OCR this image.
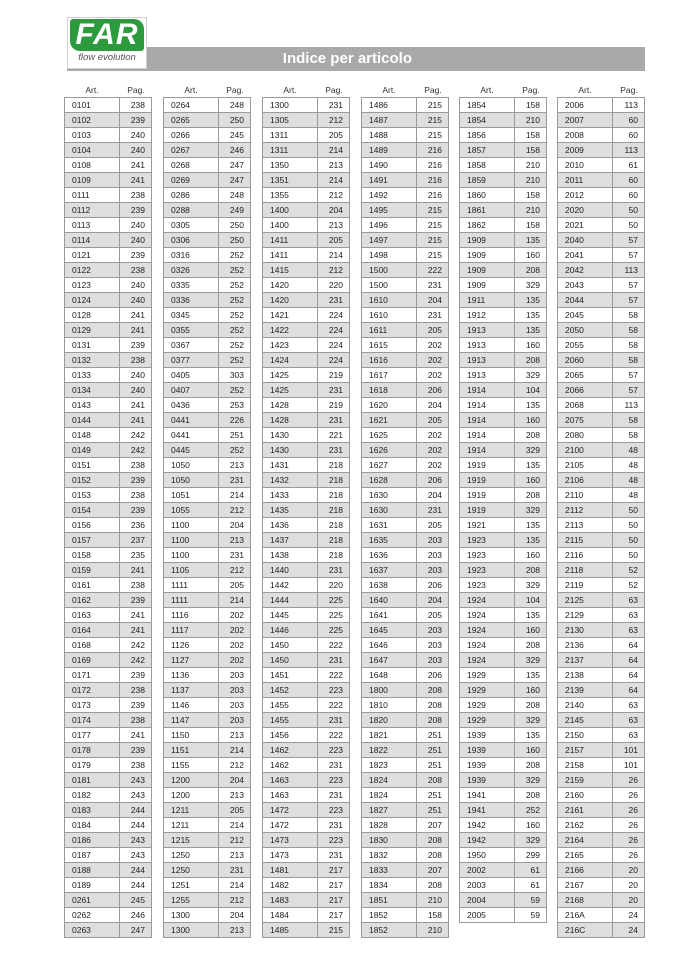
Indice per articolo
FAR
flow evolution
Art.	Pag.
0101	238
0102	239
0103	240
0104	240
0108	241
0109	241
0111	238
0112	239
0113	240
0114	240
0121	239
0122	238
0123	240
0124	240
0128	241
0129	241
0131	239
0132	238
0133	240
0134	240
0143	241
0144	241
0148	242
0149	242
0151	238
0152	239
0153	238
0154	239
0156	236
0157	237
0158	235
0159	241
0161	238
0162	239
0163	241
0164	241
0168	242
0169	242
0171	239
0172	238
0173	239
0174	238
0177	241
0178	239
0179	238
0181	243
0182	243
0183	244
0184	244
0186	243
0187	243
0188	244
0189	244
0261	245
0262	246
0263	247
Art.	Pag.
0264	248
0265	250
0266	245
0267	246
0268	247
0269	247
0286	248
0288	249
0305	250
0306	250
0316	252
0326	252
0335	252
0336	252
0345	252
0355	252
0367	252
0377	252
0405	303
0407	252
0436	253
0441	226
0441	251
0445	252
1050	213
1050	231
1051	214
1055	212
1100	204
1100	213
1100	231
1105	212
1111	205
1111	214
1116	202
1117	202
1126	202
1127	202
1136	203
1137	203
1146	203
1147	203
1150	213
1151	214
1155	212
1200	204
1200	213
1211	205
1211	214
1215	212
1250	213
1250	231
1251	214
1255	212
1300	204
1300	213
Art.	Pag.
1300	231
1305	212
1311	205
1311	214
1350	213
1351	214
1355	212
1400	204
1400	213
1411	205
1411	214
1415	212
1420	220
1420	231
1421	224
1422	224
1423	224
1424	224
1425	219
1425	231
1428	219
1428	231
1430	221
1430	231
1431	218
1432	218
1433	218
1435	218
1436	218
1437	218
1438	218
1440	231
1442	220
1444	225
1445	225
1446	225
1450	222
1450	231
1451	222
1452	223
1455	222
1455	231
1456	222
1462	223
1462	231
1463	223
1463	231
1472	223
1472	231
1473	223
1473	231
1481	217
1482	217
1483	217
1484	217
1485	215
Art.	Pag.
1486	215
1487	215
1488	215
1489	216
1490	216
1491	216
1492	216
1495	215
1496	215
1497	215
1498	215
1500	222
1500	231
1610	204
1610	231
1611	205
1615	202
1616	202
1617	202
1618	206
1620	204
1621	205
1625	202
1626	202
1627	202
1628	206
1630	204
1630	231
1631	205
1635	203
1636	203
1637	203
1638	206
1640	204
1641	205
1645	203
1646	203
1647	203
1648	206
1800	208
1810	208
1820	208
1821	251
1822	251
1823	251
1824	208
1824	251
1827	251
1828	207
1830	208
1832	208
1833	207
1834	208
1851	210
1852	158
1852	210
Art.	Pag.
1854	158
1854	210
1856	158
1857	158
1858	210
1859	210
1860	158
1861	210
1862	158
1909	135
1909	160
1909	208
1909	329
1911	135
1912	135
1913	135
1913	160
1913	208
1913	329
1914	104
1914	135
1914	160
1914	208
1914	329
1919	135
1919	160
1919	208
1919	329
1921	135
1923	135
1923	160
1923	208
1923	329
1924	104
1924	135
1924	160
1924	208
1924	329
1929	135
1929	160
1929	208
1929	329
1939	135
1939	160
1939	208
1939	329
1941	208
1941	252
1942	160
1942	329
1950	299
2002	61
2003	61
2004	59
2005	59
Art.	Pag.
2006	113
2007	60
2008	60
2009	113
2010	61
2011	60
2012	60
2020	50
2021	50
2040	57
2041	57
2042	113
2043	57
2044	57
2045	58
2050	58
2055	58
2060	58
2065	57
2066	57
2068	113
2075	58
2080	58
2100	48
2105	48
2106	48
2110	48
2112	50
2113	50
2115	50
2116	50
2118	52
2119	52
2125	63
2129	63
2130	63
2136	64
2137	64
2138	64
2139	64
2140	63
2145	63
2150	63
2157	101
2158	101
2159	26
2160	26
2161	26
2162	26
2164	26
2165	26
2166	20
2167	20
2168	20
216A	24
216C	24
